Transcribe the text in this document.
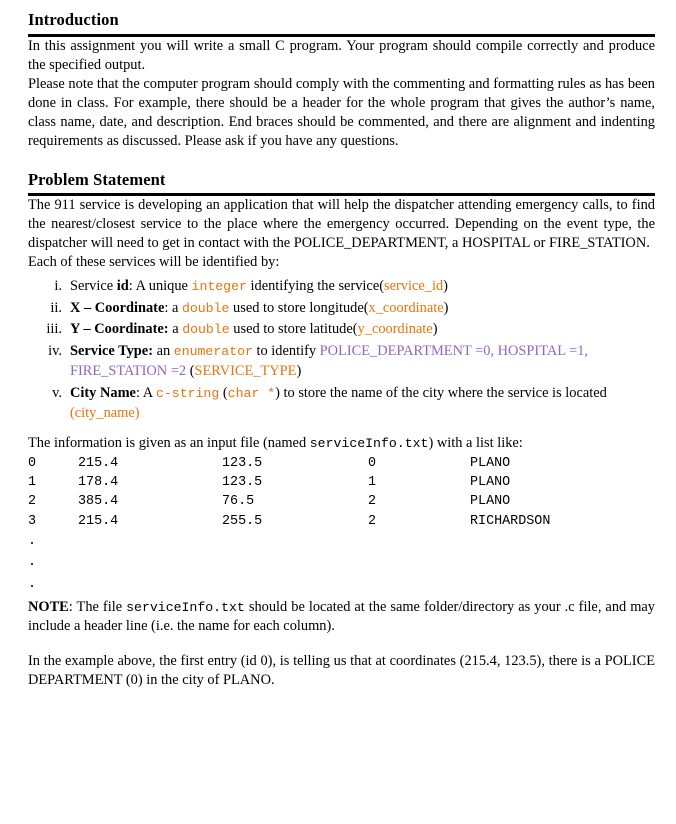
Introduction

In this assignment you will write a small C program. Your program should compile correctly and produce the specified output.

Please note that the computer program should comply with the commenting and formatting rules as has been done in class. For example, there should be a header for the whole program that gives the author’s name, class name, date, and description. End braces should be commented, and there are alignment and indenting requirements as discussed. Please ask if you have any questions.

Problem Statement

The 911 service is developing an application that will help the dispatcher attending emergency calls, to find the nearest/closest service to the place where the emergency occurred. Depending on the event type, the dispatcher will need to get in contact with the POLICE_DEPARTMENT, a HOSPITAL or FIRE_STATION.

Each of these services will be identified by:

i. Service id: A unique integer identifying the service(service_id)
ii. X – Coordinate: a double used to store longitude(x_coordinate)
iii. Y – Coordinate: a double used to store latitude(y_coordinate)
iv. Service Type: an enumerator to identify POLICE_DEPARTMENT =0, HOSPITAL =1, FIRE_STATION =2 (SERVICE_TYPE)
v. City Name: A c-string (char *) to store the name of the city where the service is located
(city_name)

The information is given as an input file (named serviceInfo.txt) with a list like:

0	215.4	123.5	0	PLANO
1	178.4	123.5	1	PLANO
2	385.4	76.5	2	PLANO
3	215.4	255.5	2	RICHARDSON
.
.
.

NOTE: The file serviceInfo.txt should be located at the same folder/directory as your .c file, and may include a header line (i.e. the name for each column).

In the example above, the first entry (id 0), is telling us that at coordinates (215.4, 123.5), there is a POLICE DEPARTMENT (0) in the city of PLANO.
